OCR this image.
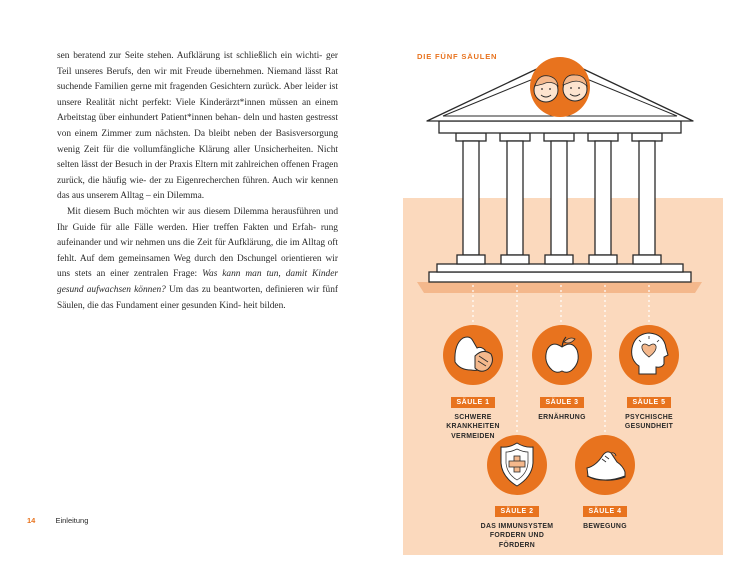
sen beratend zur Seite stehen. Aufklärung ist schließlich ein wichti- ger Teil unseres Berufs, den wir mit Freude übernehmen. Niemand lässt Rat suchende Familien gerne mit fragenden Gesichtern zurück. Aber leider ist unsere Realität nicht perfekt: Viele Kinderärzt*innen müssen an einem Arbeitstag über einhundert Patient*innen behan- deln und hasten gestresst von einem Zimmer zum nächsten. Da bleibt neben der Basisversorgung wenig Zeit für die vollumfängliche Klärung aller Unsicherheiten. Nicht selten lässt der Besuch in der Praxis Eltern mit zahlreichen offenen Fragen zurück, die häufig wie- der zu Eigenrecherchen führen. Auch wir kennen das aus unserem Alltag – ein Dilemma.

Mit diesem Buch möchten wir aus diesem Dilemma herausführen und Ihr Guide für alle Fälle werden. Hier treffen Fakten und Erfah- rung aufeinander und wir nehmen uns die Zeit für Aufklärung, die im Alltag oft fehlt. Auf dem gemeinsamen Weg durch den Dschungel orientieren wir uns stets an einer zentralen Frage: Was kann man tun, damit Kinder gesund aufwachsen können? Um das zu beantworten, definieren wir fünf Säulen, die das Fundament einer gesunden Kind- heit bilden.

14	Einleitung
DIE FÜNF SÄULEN
SÄULE 1
SCHWERE
KRANKHEITEN
VERMEIDEN
SÄULE 3
ERNÄHRUNG
SÄULE 5
PSYCHISCHE
GESUNDHEIT
SÄULE 2
DAS IMMUNSYSTEM
FORDERN UND
FÖRDERN
SÄULE 4
BEWEGUNG
